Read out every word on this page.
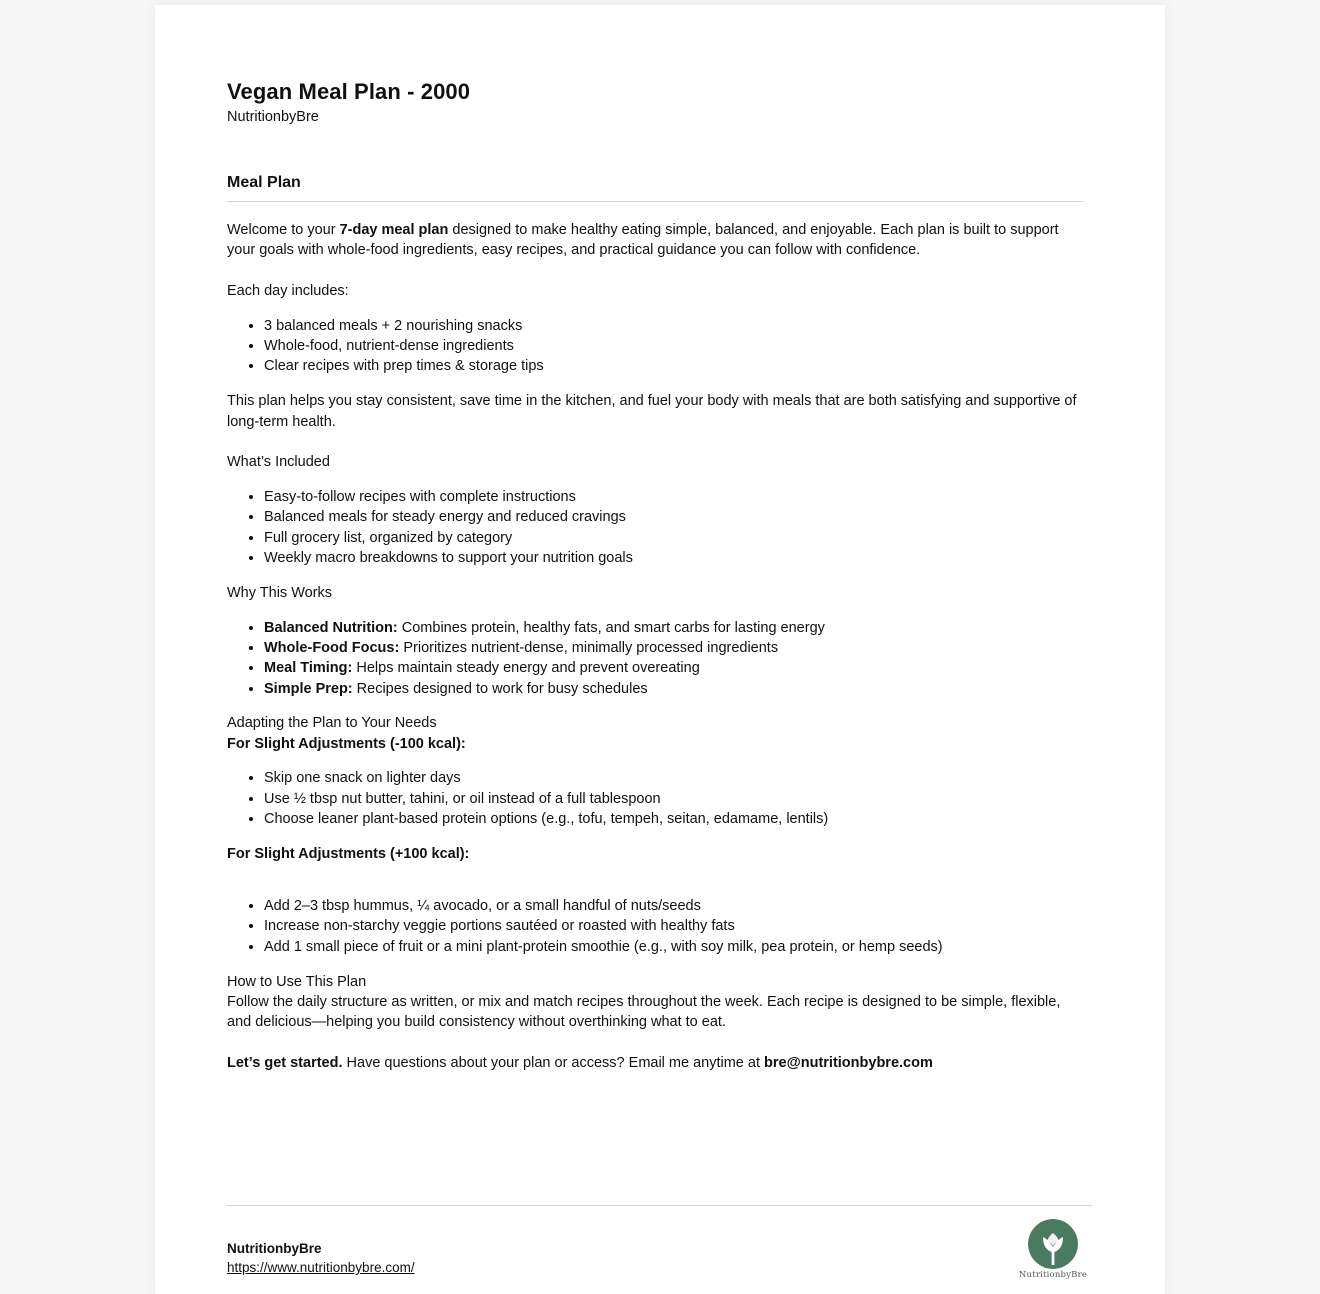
Vegan Meal Plan - 2000
NutritionbyBre
Meal Plan

Welcome to your 7-day meal plan designed to make healthy eating simple, balanced, and enjoyable. Each plan is built to support your goals with whole-food ingredients, easy recipes, and practical guidance you can follow with confidence.

Each day includes:

• 3 balanced meals + 2 nourishing snacks
• Whole-food, nutrient-dense ingredients
• Clear recipes with prep times & storage tips

This plan helps you stay consistent, save time in the kitchen, and fuel your body with meals that are both satisfying and supportive of long-term health.

What’s Included

• Easy-to-follow recipes with complete instructions
• Balanced meals for steady energy and reduced cravings
• Full grocery list, organized by category
• Weekly macro breakdowns to support your nutrition goals

Why This Works

• Balanced Nutrition: Combines protein, healthy fats, and smart carbs for lasting energy
• Whole-Food Focus: Prioritizes nutrient-dense, minimally processed ingredients
• Meal Timing: Helps maintain steady energy and prevent overeating
• Simple Prep: Recipes designed to work for busy schedules

Adapting the Plan to Your Needs

For Slight Adjustments (-100 kcal):

• Skip one snack on lighter days
• Use ½ tbsp nut butter, tahini, or oil instead of a full tablespoon
• Choose leaner plant-based protein options (e.g., tofu, tempeh, seitan, edamame, lentils)

For Slight Adjustments (+100 kcal):

• Add 2–3 tbsp hummus, ¼ avocado, or a small handful of nuts/seeds
• Increase non-starchy veggie portions sautéed or roasted with healthy fats
• Add 1 small piece of fruit or a mini plant-protein smoothie (e.g., with soy milk, pea protein, or hemp seeds)

How to Use This Plan

Follow the daily structure as written, or mix and match recipes throughout the week. Each recipe is designed to be simple, flexible, and delicious—helping you build consistency without overthinking what to eat.

Let’s get started. Have questions about your plan or access? Email me anytime at bre@nutritionbybre.com

NutritionbyBre
https://www.nutritionbybre.com/	NutritionbyBre
